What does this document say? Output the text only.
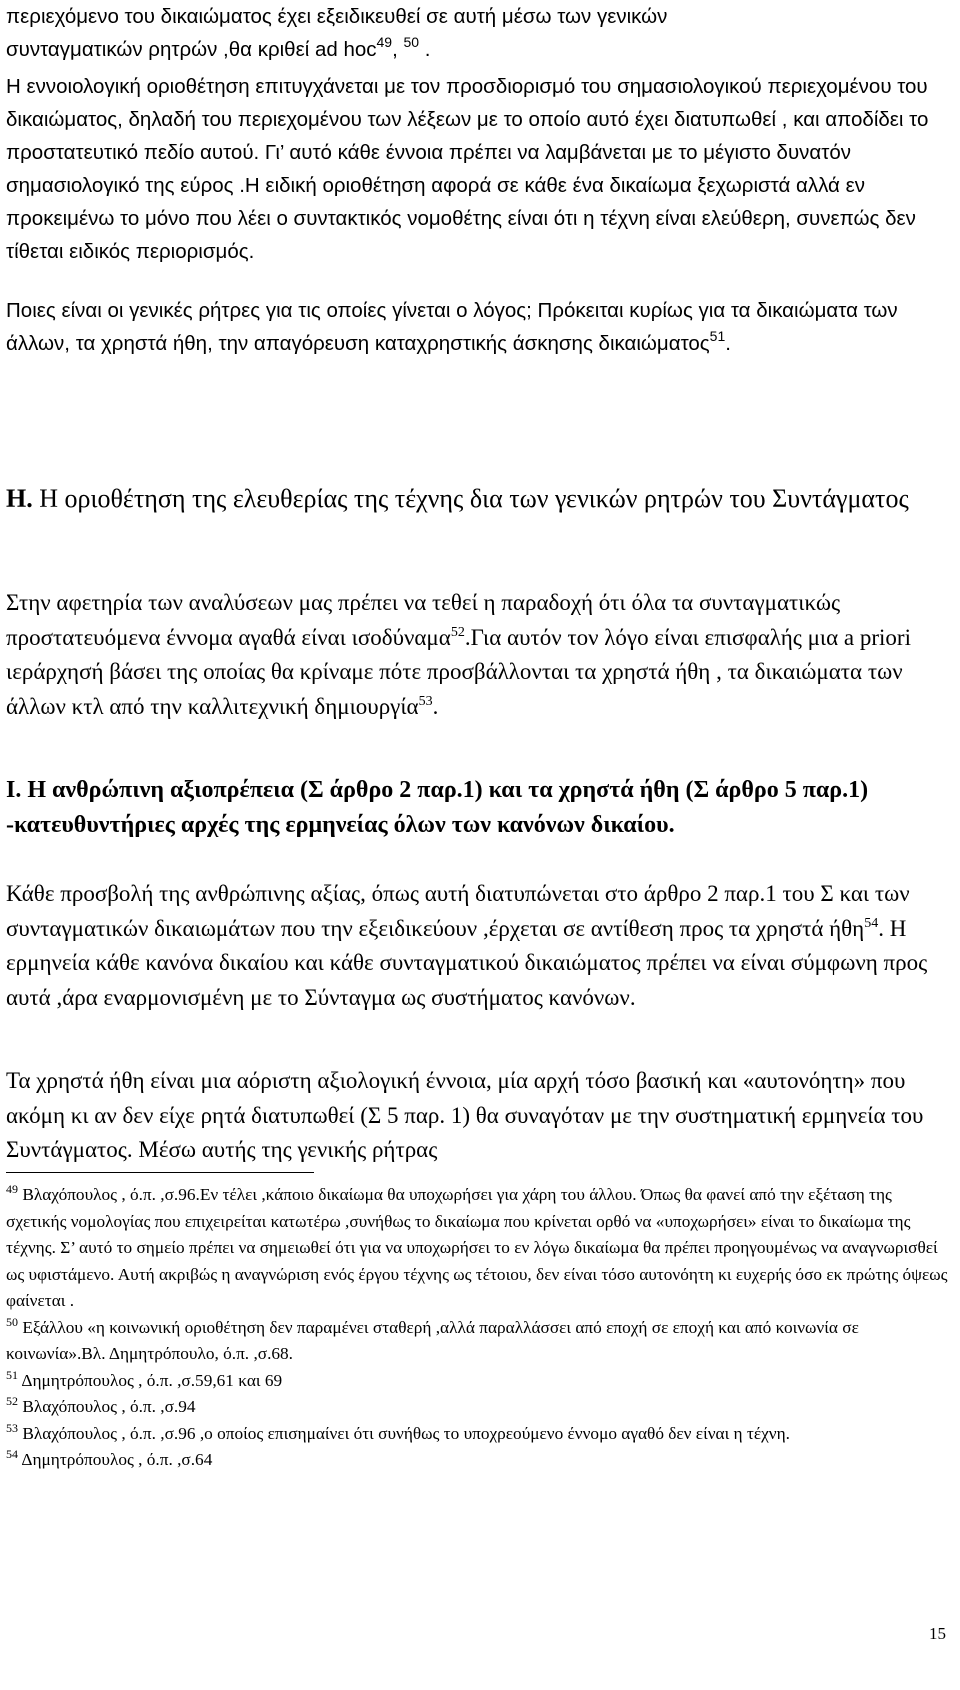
περιεχόμενο του δικαιώματος έχει εξειδικευθεί σε αυτή μέσω των γενικών
συνταγματικών ρητρών ,θα κριθεί ad hoc$^{49}$, $^{50}$ .

Η εννοιολογική οριοθέτηση επιτυγχάνεται με τον προσδιορισμό του σημασιολογικού περιεχομένου του δικαιώματος, δηλαδή του περιεχομένου των λέξεων με το οποίο αυτό έχει διατυπωθεί , και αποδίδει το προστατευτικό πεδίο αυτού. Γι’ αυτό κάθε έννοια πρέπει να λαμβάνεται με το μέγιστο δυνατόν σημασιολογικό της εύρος .Η ειδική οριοθέτηση αφορά σε κάθε ένα δικαίωμα ξεχωριστά αλλά εν προκειμένω το μόνο που λέει ο συντακτικός νομοθέτης είναι ότι η τέχνη είναι ελεύθερη, συνεπώς δεν τίθεται ειδικός περιορισμός.

Ποιες είναι οι γενικές ρήτρες για τις οποίες γίνεται ο λόγος; Πρόκειται κυρίως για τα δικαιώματα των άλλων, τα χρηστά ήθη, την απαγόρευση καταχρηστικής άσκησης δικαιώματος$^{51}$.

Η. Η οριοθέτηση της ελευθερίας της τέχνης δια των γενικών ρητρών του Συντάγματος

Στην αφετηρία των αναλύσεων μας πρέπει να τεθεί η παραδοχή ότι όλα τα συνταγματικώς προστατευόμενα έννομα αγαθά είναι ισοδύναμα$^{52}$.Για αυτόν τον λόγο είναι επισφαλής μια a priori ιεράρχησή βάσει της οποίας θα κρίναμε πότε προσβάλλονται τα χρηστά ήθη , τα δικαιώματα των άλλων κτλ από την καλλιτεχνική δημιουργία$^{53}$.

Ι. Η ανθρώπινη αξιοπρέπεια (Σ άρθρο 2 παρ.1) και τα χρηστά ήθη (Σ άρθρο 5 παρ.1) -κατευθυντήριες αρχές της ερμηνείας όλων των κανόνων δικαίου.

Κάθε προσβολή της ανθρώπινης αξίας, όπως αυτή διατυπώνεται στο άρθρο 2 παρ.1 του Σ και των συνταγματικών δικαιωμάτων που την εξειδικεύουν ,έρχεται σε αντίθεση προς τα χρηστά ήθη$^{54}$. Η ερμηνεία κάθε κανόνα δικαίου και κάθε συνταγματικού δικαιώματος πρέπει να είναι σύμφωνη προς αυτά ,άρα εναρμονισμένη με το Σύνταγμα ως συστήματος κανόνων.

Τα χρηστά ήθη είναι μια αόριστη αξιολογική έννοια, μία αρχή τόσο βασική και «αυτονόητη» που ακόμη κι αν δεν είχε ρητά διατυπωθεί (Σ 5 παρ. 1) θα συναγόταν με την συστηματική ερμηνεία του Συντάγματος. Μέσω αυτής της γενικής ρήτρας

$^{49}$ Βλαχόπουλος , ό.π. ,σ.96.Εν τέλει ,κάποιο δικαίωμα θα υποχωρήσει για χάρη του άλλου. Όπως θα φανεί από την εξέταση της σχετικής νομολογίας που επιχειρείται κατωτέρω ,συνήθως το δικαίωμα που κρίνεται ορθό να «υποχωρήσει» είναι το δικαίωμα της τέχνης. Σ’ αυτό το σημείο πρέπει να σημειωθεί ότι για να υποχωρήσει το εν λόγω δικαίωμα θα πρέπει προηγουμένως να αναγνωρισθεί ως υφιστάμενο. Αυτή ακριβώς η αναγνώριση ενός έργου τέχνης ως τέτοιου, δεν είναι τόσο αυτονόητη κι ευχερής όσο εκ πρώτης όψεως φαίνεται .
$^{50}$ Εξάλλου «η κοινωνική οριοθέτηση δεν παραμένει σταθερή ,αλλά παραλλάσσει από εποχή σε εποχή και από κοινωνία σε κοινωνία».Βλ. Δημητρόπουλο, ό.π. ,σ.68.
$^{51}$ Δημητρόπουλος , ό.π. ,σ.59,61 και 69
$^{52}$ Βλαχόπουλος , ό.π. ,σ.94
$^{53}$ Βλαχόπουλος , ό.π. ,σ.96 ,ο οποίος επισημαίνει ότι συνήθως το υποχρεούμενο έννομο αγαθό δεν είναι η τέχνη.
$^{54}$ Δημητρόπουλος , ό.π. ,σ.64
15
